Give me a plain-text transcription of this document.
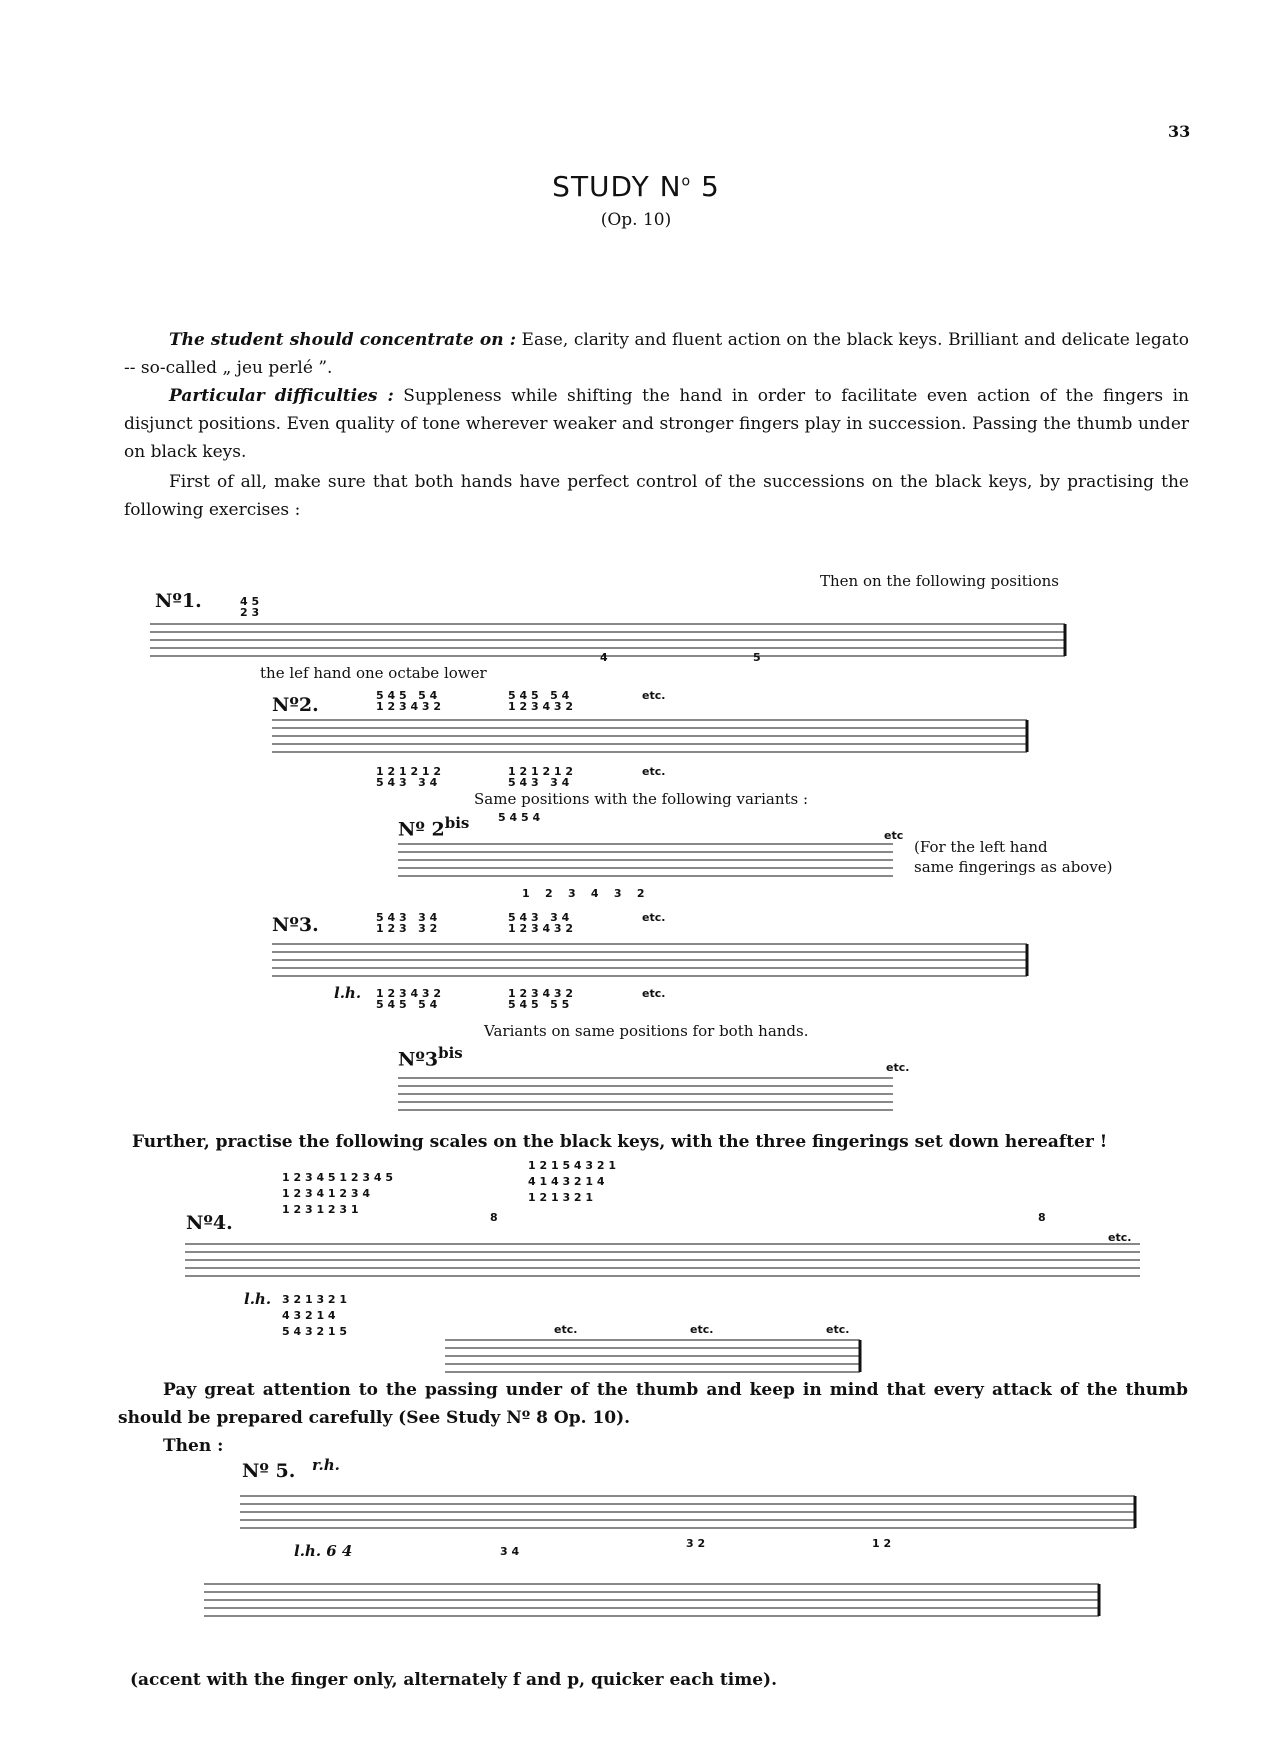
33
STUDY $N^o$ 5
(Op. 10)
The student should concentrate on : Ease, clarity and fluent action on the black keys. Brilliant and delicate legato -- so-called „ jeu perlé ”.
Particular difficulties : Suppleness while shifting the hand in order to facilitate even action of the fingers in disjunct positions. Even quality of tone wherever weaker and stronger fingers play in succession. Passing the thumb under on black keys.
First of all, make sure that both hands have perfect control of the successions on the black keys, by practising the following exercises :
Then on the following positions
Nº1.	4 5
2 3
4	5
the lef hand one octabe lower
Nº2.	5 4 5   5 4
1 2 3 4 3 2
5 4 5   5 4
1 2 3 4 3 2
etc.
1 2 1 2 1 2
5 4 3   3 4
1 2 1 2 1 2
5 4 3   3 4
etc.
Same positions with the following variants :
Nº $2^{bis}$	5 4 5 4
etc
(For the left hand
same fingerings as above)
1    2    3    4    3    2
Nº3.	5 4 3   3 4
1 2 3   3 2
5 4 3   3 4
1 2 3 4 3 2
etc.
l.h. 1 2 3 4 3 2
5 4 5   5 4
1 2 3 4 3 2
5 4 5   5 5
etc.
Variants on same positions for both hands.
$Nº3^{bis}$
etc.
Further, practise the following scales on the black keys, with the three fingerings set down hereafter !
1 2 3 4 5 1 2 3 4 5
1 2 3 4 1 2 3 4
1 2 3 1 2 3 1
1 2 1 5 4 3 2 1
4 1 4 3 2 1 4
1 2 1 3 2 1
Nº4.	8	8
etc.
l.h. 3 2 1 3 2 1
4 3 2 1 4
5 4 3 2 1 5	etc.	etc.	etc.
Pay great attention to the passing under of the thumb and keep in mind that every attack of the thumb should be prepared carefully (See Study Nº 8 Op. 10).
Then :
Nº 5. r.h.
l.h. 6 4	3 4
3 2	1 2
(accent with the finger only, alternately f and p, quicker each time).
